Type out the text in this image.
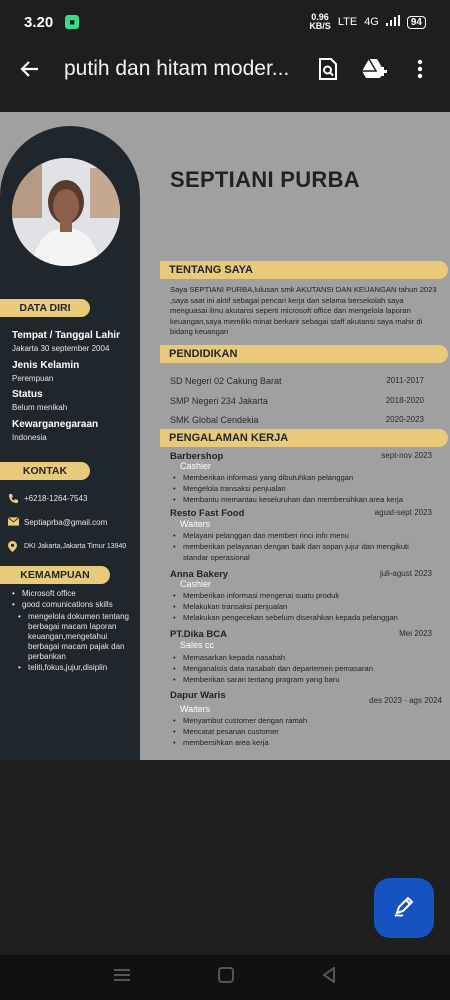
3.20	■	0.96
KB/S LTE 4G	94
putih dan hitam moder...
DATA DIRI
Tempat / Tanggal Lahir
Jakarta 30 september 2004
Jenis Kelamin
Perempuan
Status
Belum menikah
Kewarganegaraan
Indonesia
KONTAK
+6218-1264-7543
Septiaprba@gmail.com
DKI Jakarta,Jakarta Timur 13940
KEMAMPUAN
• Microsoft office
• good comunications skills
• mengelola dokumen tentang berbagai macam laporan keuangan,mengetahui berbagai macam pajak dan perbankan
• teliti,fokus,jujur,disiplin
SEPTIANI PURBA
TENTANG SAYA
Saya SEPTIANI PURBA,lulusan smk AKUTANSI DAN KEUANGAN tahun 2023 ,saya saat ini aktif sebagai pencari kerja dan selama bersekolah saya menguasai ilmu akutansi seperti microsoft office dan mengelola laporan keuangan,saya memiliki minat berkarir sebagai staff akutansi saya mahir di bidang keuangan
PENDIDIKAN
SD Negeri 02 Cakung Barat	2011-2017
SMP Negeri 234 Jakarta	2018-2020
SMK Global Cendekia	2020-2023
PENGALAMAN KERJA
Barbershop	sept-nov 2023
Cashier
• Memberikan informasi yang dibutuhkan pelanggan
• Mengelola transaksi penjualan
• Membantu memantau keseluruhan dan membersihkan area kerja
Resto Fast Food	agust-sept 2023
Waiters
• Melayani pelanggan dan memberi rinci info menu
• memberikan pelayanan dengan baik dan sopan jujur dan mengikuti standar operasional
Anna Bakery	juli-agust 2023
Cashier
• Memberikan informasi mengenai suatu produk
• Melakukan transaksi penjualan
• Melakukan pengecekan sebelum diserahkan kepada pelanggan
PT.Dika BCA	Mei 2023
Sales cc
• Memasarkan kepada nasabah
• Menganalisis data nasabah dan departemen pemasaran
• Memberikan saran tentang program yang baru
Dapur Waris	des 2023 - ags 2024
Waiters
• Menyambut customer dengan ramah
• Mencatat pesanan customer
• membersihkan area kerja
